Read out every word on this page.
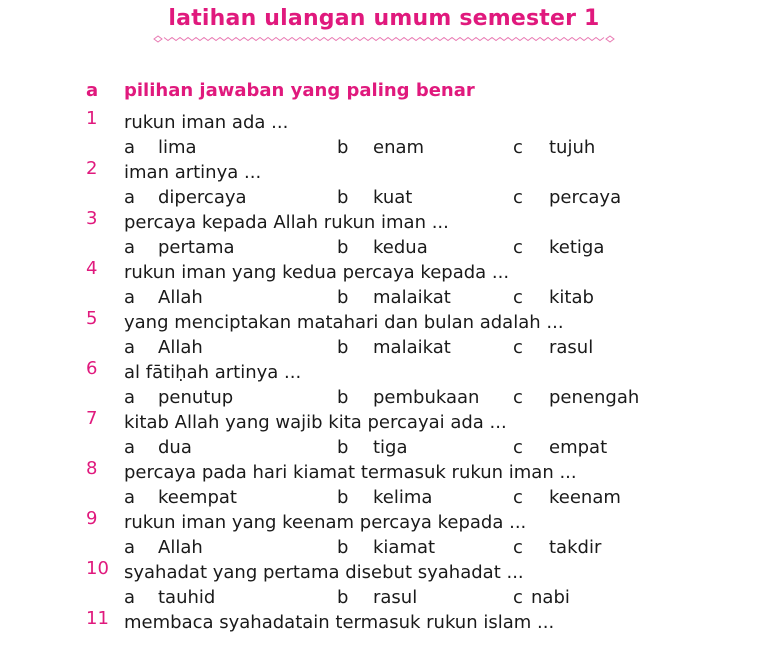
latihan ulangan umum semester 1
a pilihan jawaban yang paling benar
1 rukun iman ada ...
a lima	b enam	c tujuh
2 iman artinya ...
a dipercaya	b kuat	c percaya
3 percaya kepada Allah rukun iman ...
a pertama	b kedua	c ketiga
4 rukun iman yang kedua percaya kepada ...
a Allah	b malaikat	c kitab
5 yang menciptakan matahari dan bulan adalah ...
a Allah	b malaikat	c rasul
6 al fātiḥah artinya ...
a penutup	b pembukaan c penengah
7 kitab Allah yang wajib kita percayai ada ...
a dua	b tiga	c empat
8 percaya pada hari kiamat termasuk rukun iman ...
a keempat	b kelima	c keenam
9 rukun iman yang keenam percaya kepada ...
a Allah	b kiamat	c takdir
10 syahadat yang pertama disebut syahadat ...
a tauhid	b rasul	c nabi
11 membaca syahadatain termasuk rukun islam ...
